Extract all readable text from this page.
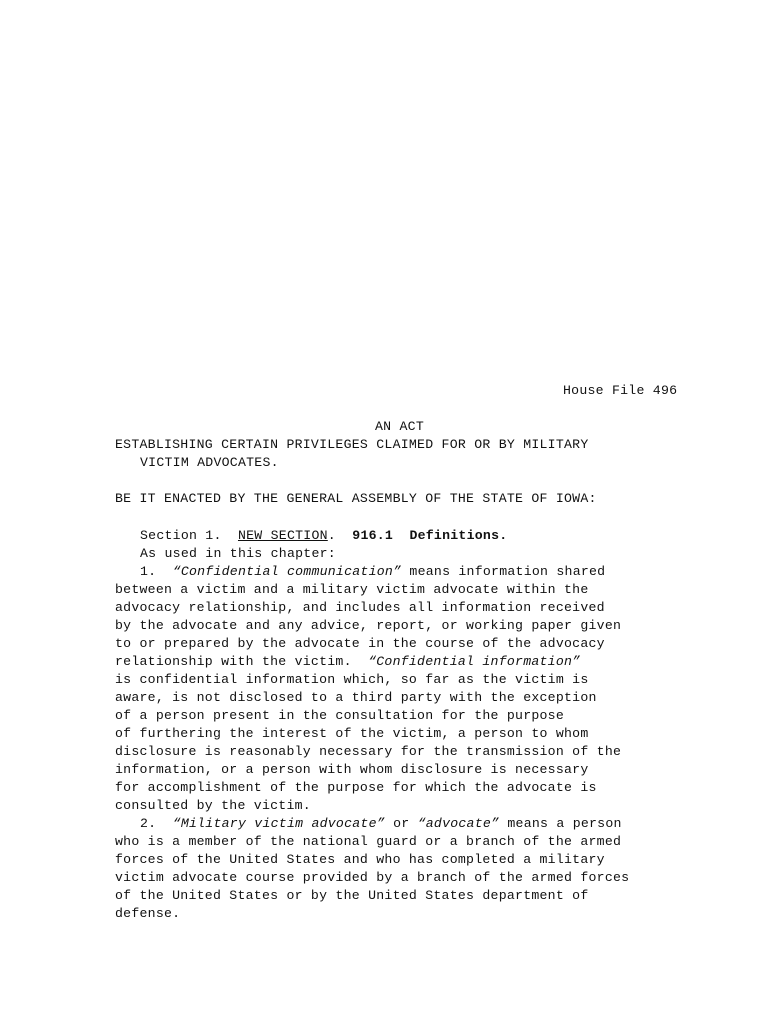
House File 496
AN ACT
ESTABLISHING CERTAIN PRIVILEGES CLAIMED FOR OR BY MILITARY
VICTIM ADVOCATES.
BE IT ENACTED BY THE GENERAL ASSEMBLY OF THE STATE OF IOWA:
Section 1. NEW SECTION.  916.1 Definitions.
As used in this chapter:
1. “Confidential communication” means information shared
between a victim and a military victim advocate within the
advocacy relationship, and includes all information received
by the advocate and any advice, report, or working paper given
to or prepared by the advocate in the course of the advocacy
relationship with the victim.  “Confidential information”
is confidential information which, so far as the victim is
aware, is not disclosed to a third party with the exception
of a person present in the consultation for the purpose
of furthering the interest of the victim, a person to whom
disclosure is reasonably necessary for the transmission of the
information, or a person with whom disclosure is necessary
for accomplishment of the purpose for which the advocate is
consulted by the victim.
2. “Military victim advocate” or “advocate” means a person
who is a member of the national guard or a branch of the armed
forces of the United States and who has completed a military
victim advocate course provided by a branch of the armed forces
of the United States or by the United States department of
defense.
